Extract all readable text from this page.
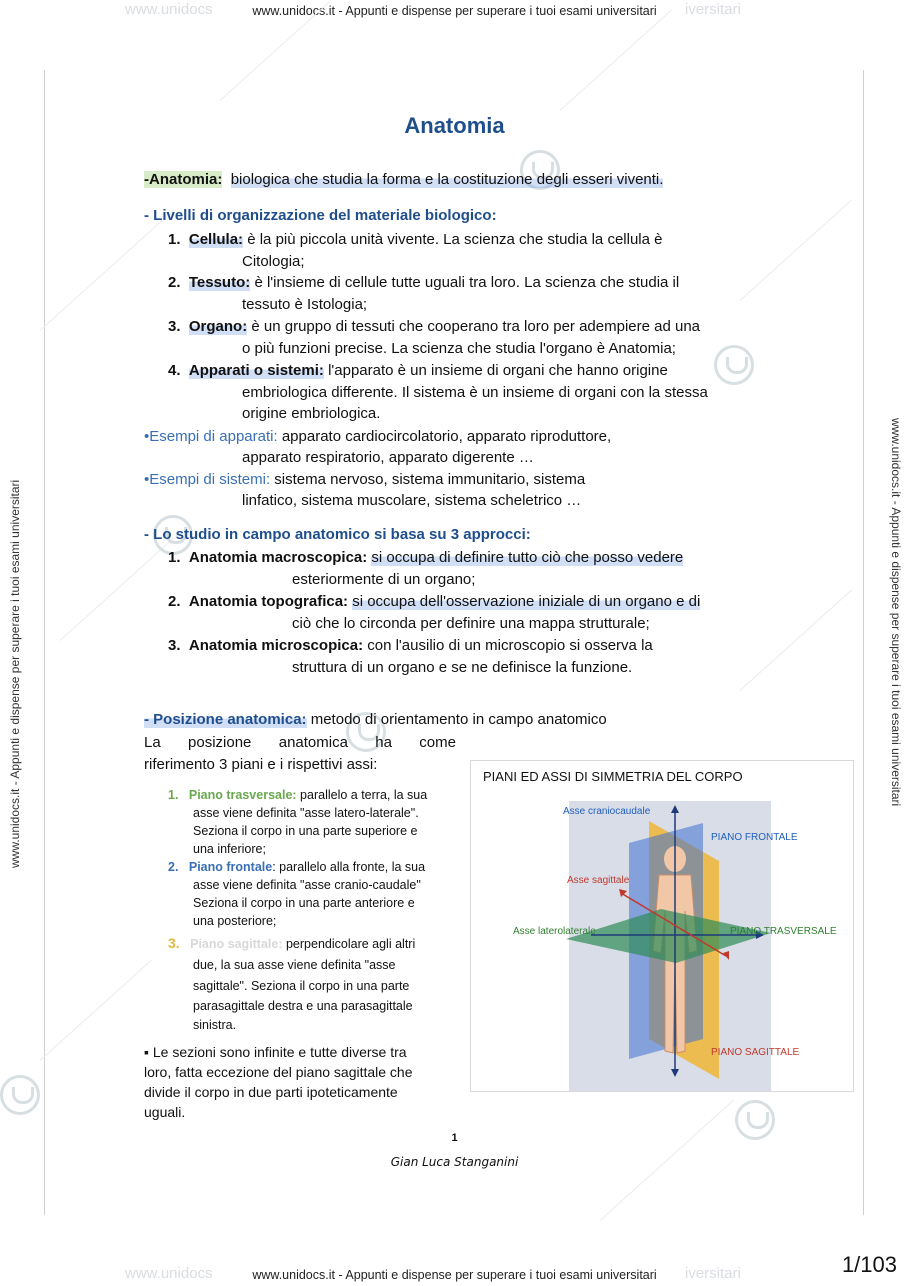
www.unidocs	www.unidocs.it - Appunti e dispense per superare i tuoi esami universitari iversitari
www.unidocs	www.unidocs.it - Appunti e dispense per superare i tuoi esami universitari iversitari
www.unidocs.it - Appunti e dispense per superare i tuoi esami universitari	www.unidocs.it - Appunti e dispense per superare i tuoi esami universitari
Anatomia
-Anatomia: biologica che studia la forma e la costituzione degli esseri viventi.
- Livelli di organizzazione del materiale biologico:
1. Cellula: è la più piccola unità vivente. La scienza che studia la cellula è
Citologia;
2. Tessuto: è l'insieme di cellule tutte uguali tra loro. La scienza che studia il
tessuto è Istologia;
3. Organo: è un gruppo di tessuti che cooperano tra loro per adempiere ad una
o più funzioni precise. La scienza che studia l'organo è Anatomia;
4. Apparati o sistemi: l'apparato è un insieme di organi che hanno origine
embriologica differente. Il sistema è un insieme di organi con la stessa
origine embriologica.
•Esempi di apparati: apparato cardiocircolatorio, apparato riproduttore,
apparato respiratorio, apparato digerente …
•Esempi di sistemi: sistema nervoso, sistema immunitario, sistema
linfatico, sistema muscolare, sistema scheletrico …
- Lo studio in campo anatomico si basa su 3 approcci:
1. Anatomia macroscopica: si occupa di definire tutto ciò che posso vedere
esteriormente di un organo;
2. Anatomia topografica: si occupa dell'osservazione iniziale di un organo e di
ciò che lo circonda per definire una mappa strutturale;
3. Anatomia microscopica: con l'ausilio di un microscopio si osserva la
struttura di un organo e se ne definisce la funzione.
- Posizione anatomica: metodo di orientamento in campo anatomico
La posizione anatomica ha come
riferimento 3 piani e i rispettivi assi:
1. Piano trasversale: parallelo a terra, la sua
asse viene definita "asse latero-laterale".
Seziona il corpo in una parte superiore e
una inferiore;
2. Piano frontale: parallelo alla fronte, la sua
asse viene definita "asse cranio-caudale"
Seziona il corpo in una parte anteriore e
una posteriore;
3. Piano sagittale: perpendicolare agli altri
due, la sua asse viene definita "asse
sagittale". Seziona il corpo in una parte
parasagittale destra e una parasagittale
sinistra.
▪ Le sezioni sono infinite e tutte diverse tra
loro, fatta eccezione del piano sagittale che
divide il corpo in due parti ipoteticamente
uguali.
PIANI ED ASSI DI SIMMETRIA DEL CORPO
Asse craniocaudale
PIANO FRONTALE
Asse sagittale
Asse laterolaterale	PIANO TRASVERSALE
PIANO SAGITTALE
1
Gian Luca Stanganini
1/103
